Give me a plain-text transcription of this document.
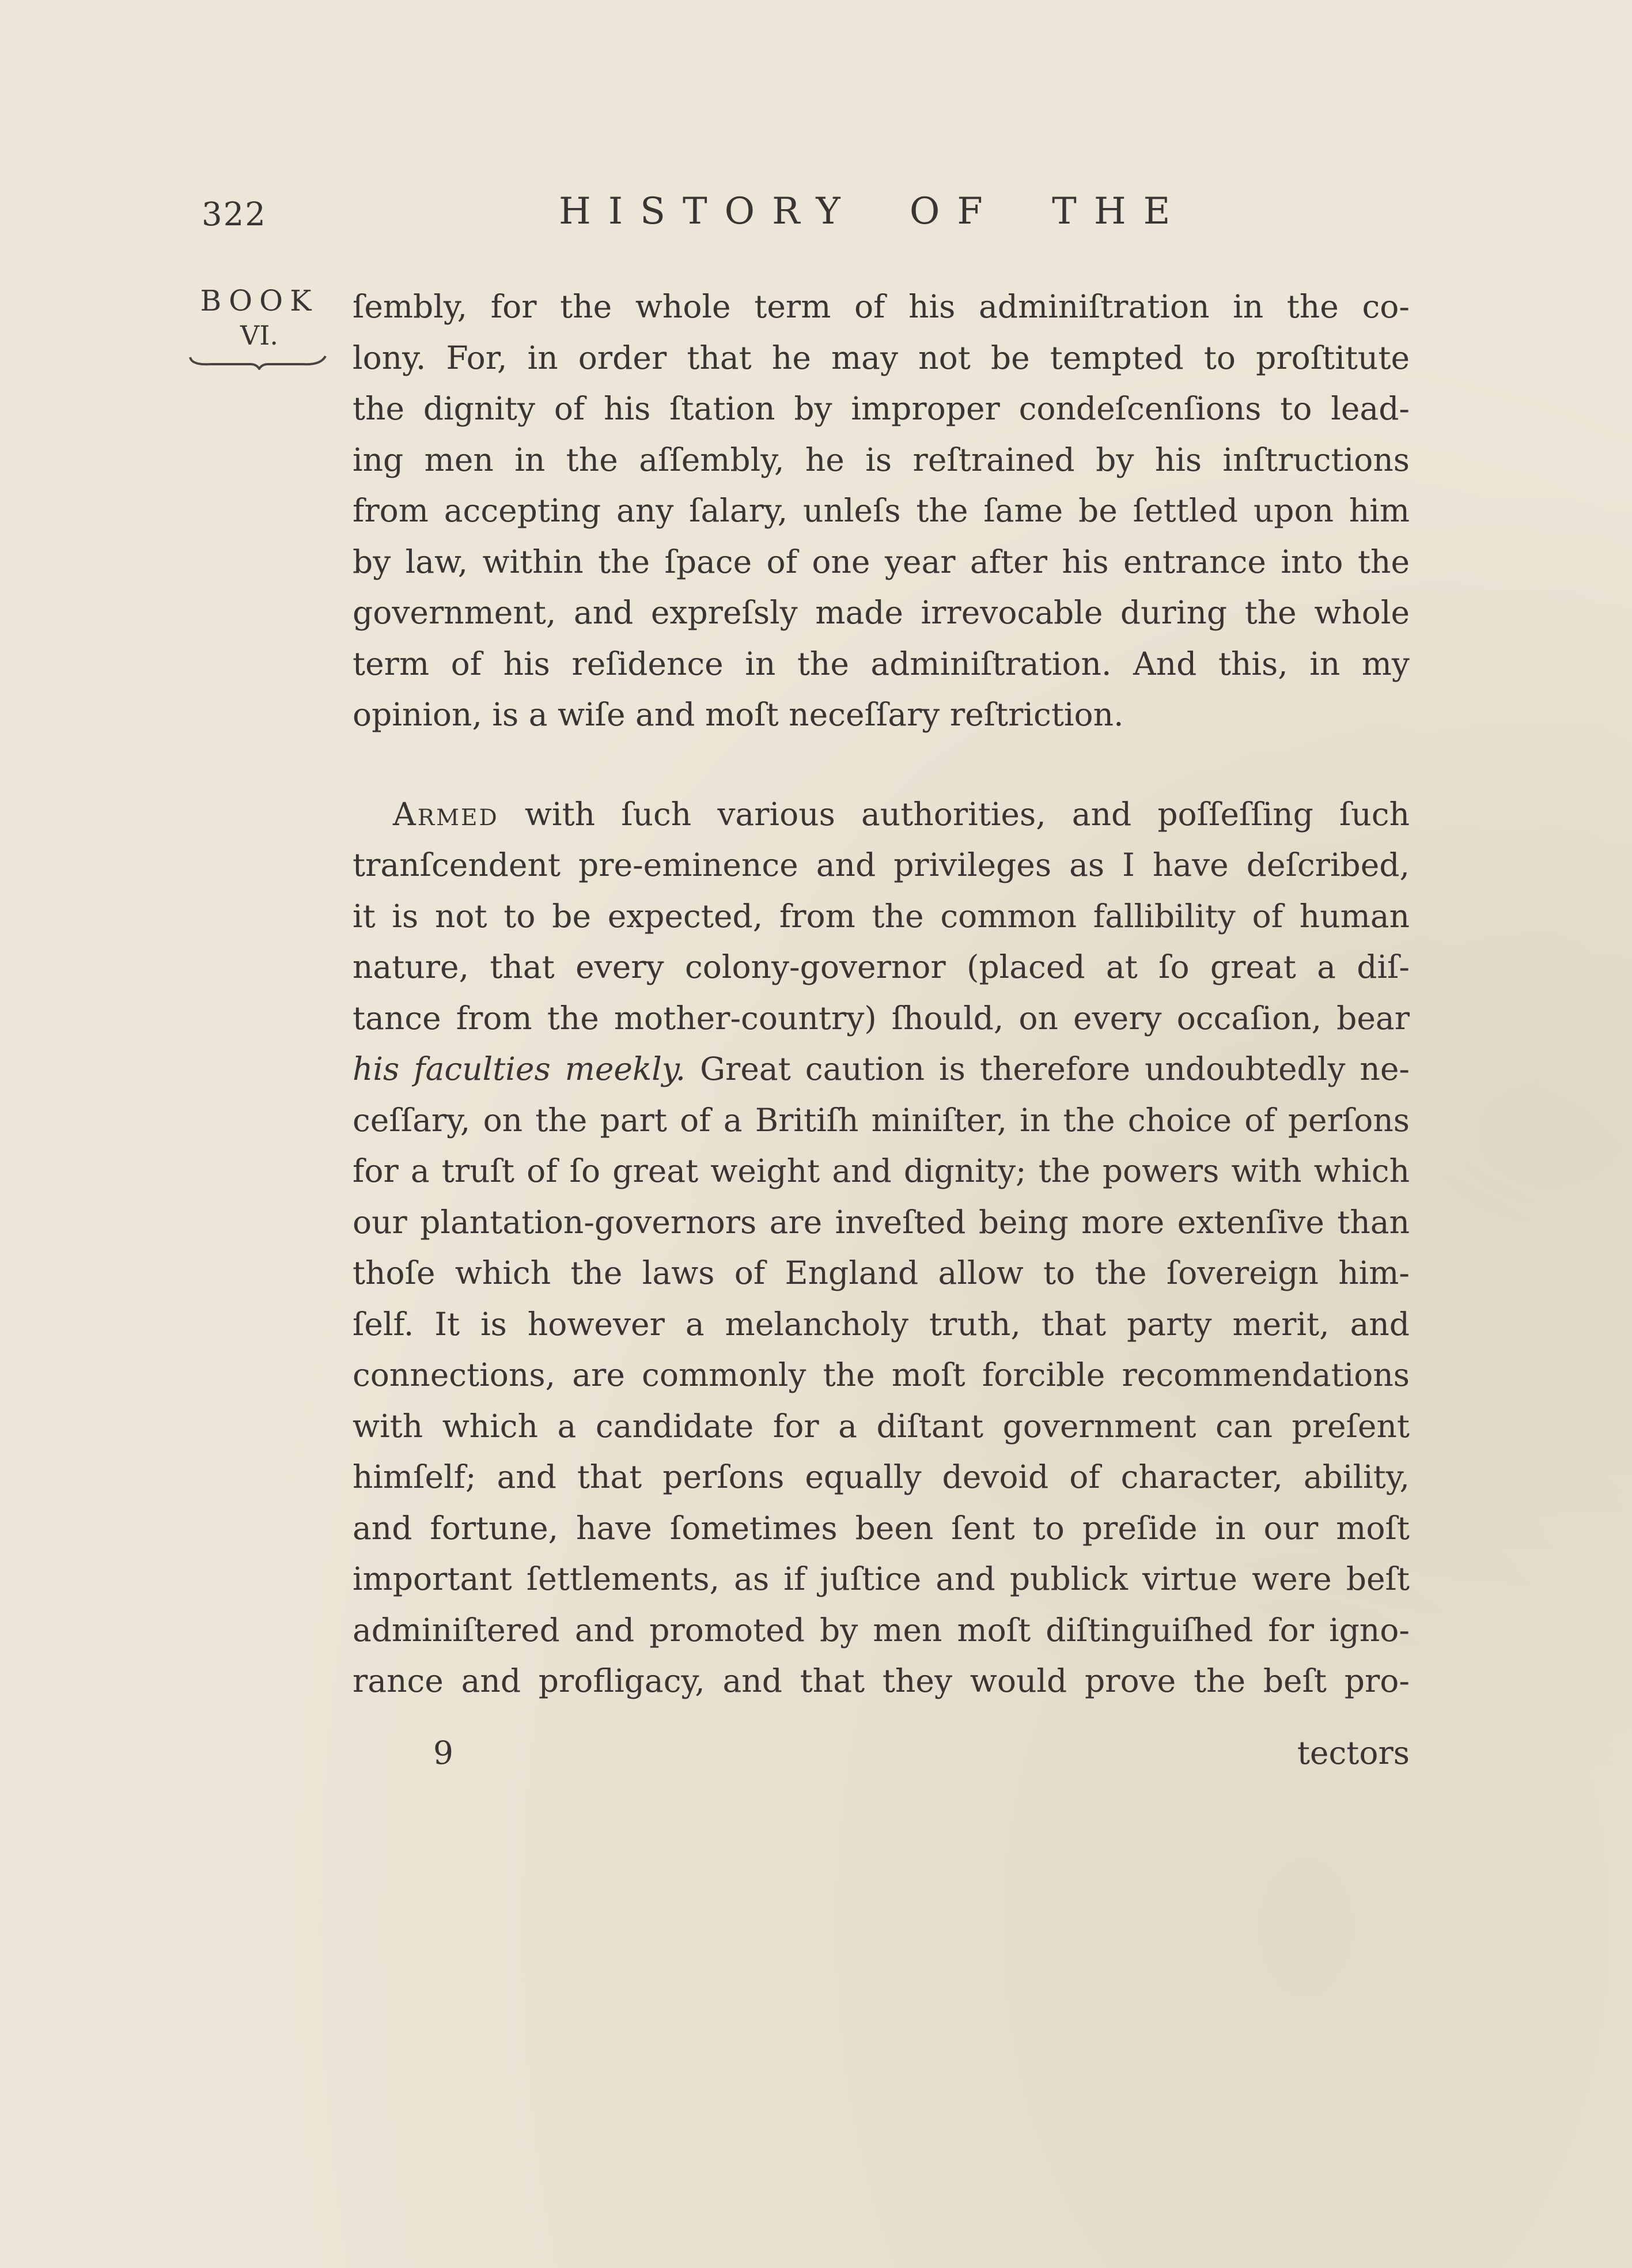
322	HISTORY OF THE
BOOK
VI.
ſembly, for the whole term of his adminiſtration in the co-
lony. For, in order that he may not be tempted to proſtitute
the dignity of his ſtation by improper condeſcenſions to lead-
ing men in the aſſembly, he is reſtrained by his inſtructions
from accepting any ſalary, unleſs the ſame be ſettled upon him
by law, within the ſpace of one year after his entrance into the
government, and expreſsly made irrevocable during the whole
term of his reſidence in the adminiſtration. And this, in my
opinion, is a wiſe and moſt neceſſary reſtriction.
Armed with ſuch various authorities, and poſſeſſing ſuch
tranſcendent pre-eminence and privileges as I have deſcribed,
it is not to be expected, from the common fallibility of human
nature, that every colony-governor (placed at ſo great a diſ-
tance from the mother-country) ſhould, on every occaſion, bear
his faculties meekly. Great caution is therefore undoubtedly ne-
ceſſary, on the part of a Britiſh miniſter, in the choice of perſons
for a truſt of ſo great weight and dignity; the powers with which
our plantation-governors are inveſted being more extenſive than
thoſe which the laws of England allow to the ſovereign him-
ſelf. It is however a melancholy truth, that party merit, and
connections, are commonly the moſt forcible recommendations
with which a candidate for a diſtant government can preſent
himſelf; and that perſons equally devoid of character, ability,
and fortune, have ſometimes been ſent to preſide in our moſt
important ſettlements, as if juſtice and publick virtue were beſt
adminiſtered and promoted by men moſt diſtinguiſhed for igno-
rance and profligacy, and that they would prove the beſt pro-
9	tectors
